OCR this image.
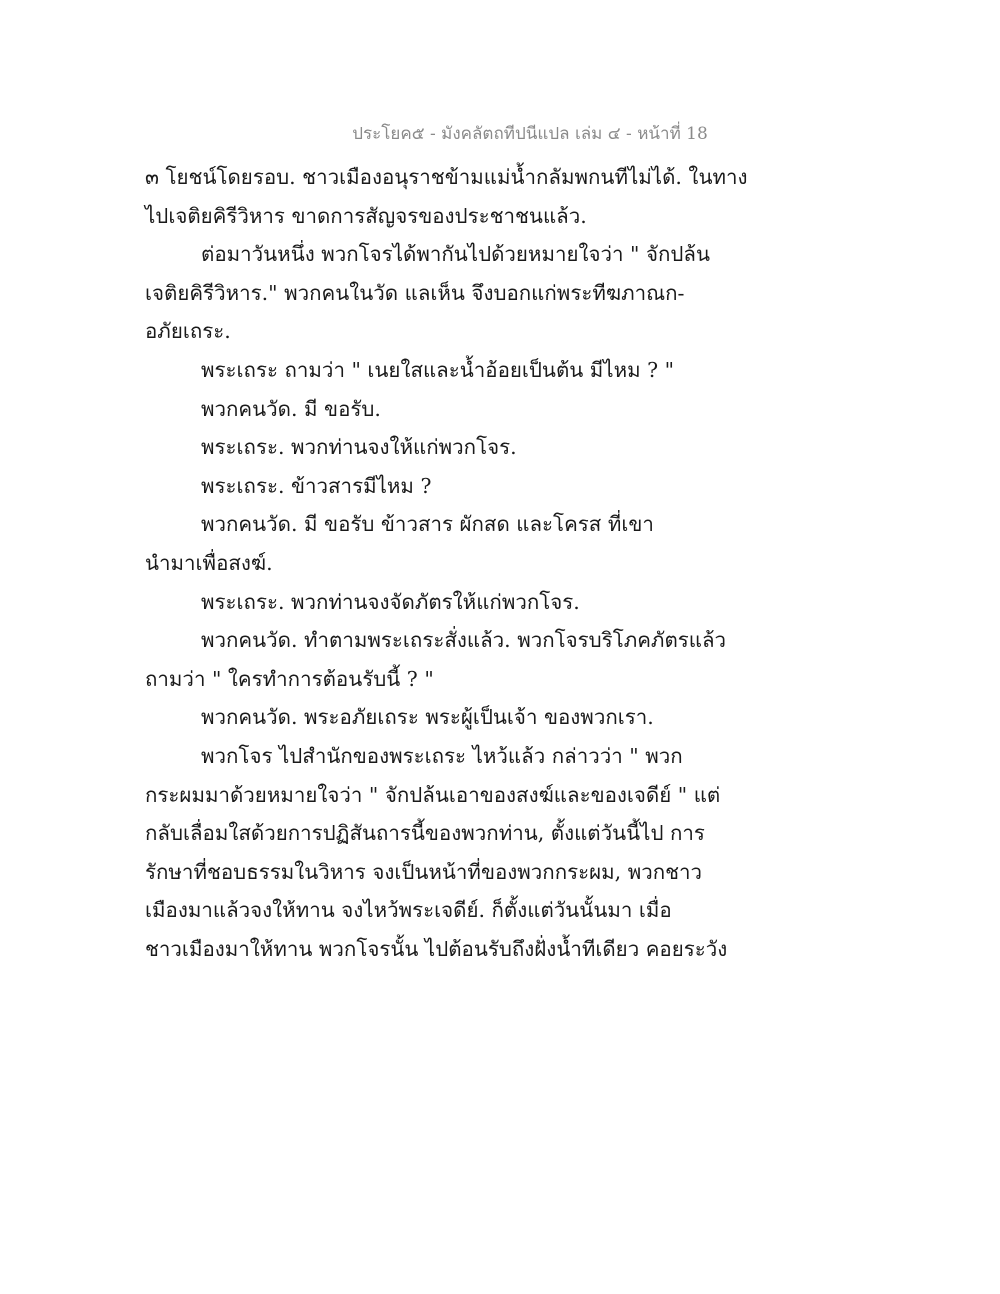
ประโยค๕ - มังคลัตถทีปนีแปล เล่ม ๔ - หน้าที่ 18
๓ โยชน์โดยรอบ. ชาวเมืองอนุราชข้ามแม่น้ำกลัมพกนทีไม่ได้. ในทาง
ไปเจติยคิรีวิหาร ขาดการสัญจรของประชาชนแล้ว.
ต่อมาวันหนึ่ง พวกโจรได้พากันไปด้วยหมายใจว่า " จักปล้น
เจติยคิรีวิหาร." พวกคนในวัด แลเห็น จึงบอกแก่พระทีฆภาณก-
อภัยเถระ.
พระเถระ ถามว่า " เนยใสและน้ำอ้อยเป็นต้น มีไหม ? "
พวกคนวัด. มี ขอรับ.
พระเถระ. พวกท่านจงให้แก่พวกโจร.
พระเถระ. ข้าวสารมีไหม ?
พวกคนวัด. มี ขอรับ ข้าวสาร ผักสด และโครส ที่เขา
นำมาเพื่อสงฆ์.
พระเถระ. พวกท่านจงจัดภัตรให้แก่พวกโจร.
พวกคนวัด. ทำตามพระเถระสั่งแล้ว. พวกโจรบริโภคภัตรแล้ว
ถามว่า " ใครทำการต้อนรับนี้ ? "
พวกคนวัด. พระอภัยเถระ พระผู้เป็นเจ้า ของพวกเรา.
พวกโจร ไปสำนักของพระเถระ ไหว้แล้ว กล่าวว่า " พวก
กระผมมาด้วยหมายใจว่า " จักปล้นเอาของสงฆ์และของเจดีย์ " แต่
กลับเลื่อมใสด้วยการปฏิสันถารนี้ของพวกท่าน, ตั้งแต่วันนี้ไป การ
รักษาที่ชอบธรรมในวิหาร จงเป็นหน้าที่ของพวกกระผม, พวกชาว
เมืองมาแล้วจงให้ทาน จงไหว้พระเจดีย์. ก็ตั้งแต่วันนั้นมา เมื่อ
ชาวเมืองมาให้ทาน พวกโจรนั้น ไปต้อนรับถึงฝั่งน้ำทีเดียว คอยระวัง
